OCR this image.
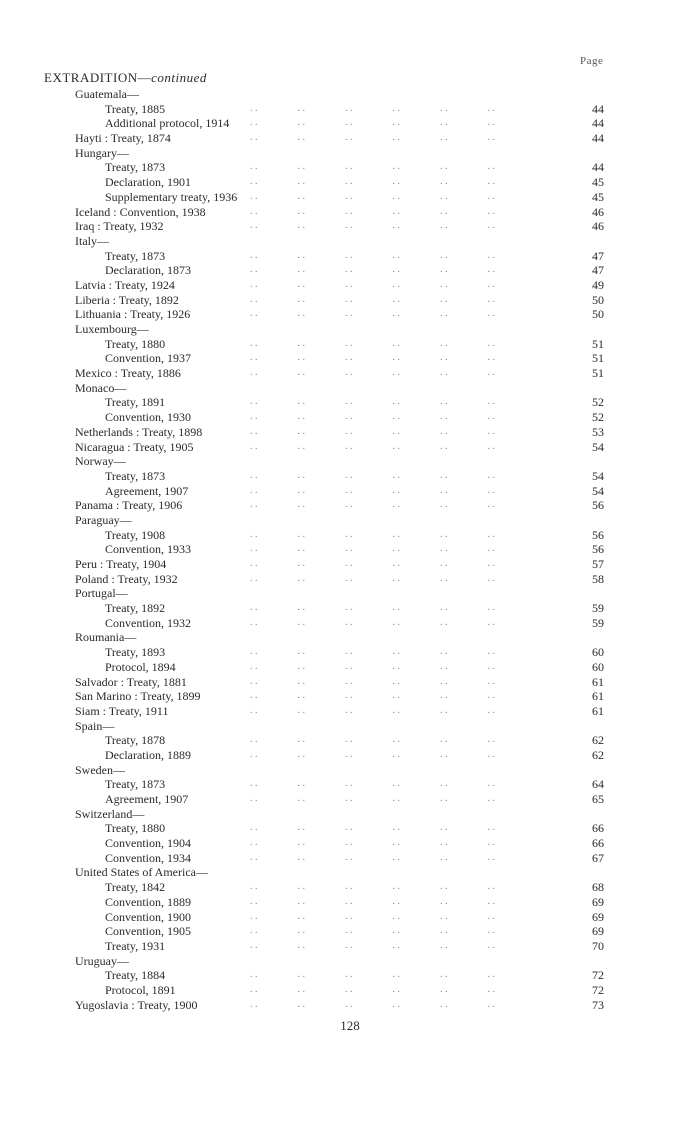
Page
EXTRADITION—continued
Guatemala—
Treaty, 1885	. .                . .                . .                . .                . .                . .	44
Additional protocol, 1914 . .                . .                . .                . .                . .                . .	44
Hayti : Treaty, 1874	. .                . .                . .                . .                . .                . .	44
Hungary—
Treaty, 1873	. .                . .                . .                . .                . .                . .	44
Declaration, 1901	. .                . .                . .                . .                . .                . .	45
Supplementary treaty, 1936 . .                . .                . .                . .                . .                . .	45
Iceland : Convention, 1938	. .                . .                . .                . .                . .                . .	46
Iraq : Treaty, 1932	. .                . .                . .                . .                . .                . .	46
Italy—
Treaty, 1873	. .                . .                . .                . .                . .                . .	47
Declaration, 1873	. .                . .                . .                . .                . .                . .	47
Latvia : Treaty, 1924	. .                . .                . .                . .                . .                . .	49
Liberia : Treaty, 1892	. .                . .                . .                . .                . .                . .	50
Lithuania : Treaty, 1926	. .                . .                . .                . .                . .                . .	50
Luxembourg—
Treaty, 1880	. .                . .                . .                . .                . .                . .	51
Convention, 1937	. .                . .                . .                . .                . .                . .	51
Mexico : Treaty, 1886	. .                . .                . .                . .                . .                . .	51
Monaco—
Treaty, 1891	. .                . .                . .                . .                . .                . .	52
Convention, 1930	. .                . .                . .                . .                . .                . .	52
Netherlands : Treaty, 1898	. .                . .                . .                . .                . .                . .	53
Nicaragua : Treaty, 1905	. .                . .                . .                . .                . .                . .	54
Norway—
Treaty, 1873	. .                . .                . .                . .                . .                . .	54
Agreement, 1907	. .                . .                . .                . .                . .                . .	54
Panama : Treaty, 1906	. .                . .                . .                . .                . .                . .	56
Paraguay—
Treaty, 1908	. .                . .                . .                . .                . .                . .	56
Convention, 1933	. .                . .                . .                . .                . .                . .	56
Peru : Treaty, 1904	. .                . .                . .                . .                . .                . .	57
Poland : Treaty, 1932	. .                . .                . .                . .                . .                . .	58
Portugal—
Treaty, 1892	. .                . .                . .                . .                . .                . .	59
Convention, 1932	. .                . .                . .                . .                . .                . .	59
Roumania—
Treaty, 1893	. .                . .                . .                . .                . .                . .	60
Protocol, 1894	. .                . .                . .                . .                . .                . .	60
Salvador : Treaty, 1881	. .                . .                . .                . .                . .                . .	61
San Marino : Treaty, 1899	. .                . .                . .                . .                . .                . .	61
Siam : Treaty, 1911	. .                . .                . .                . .                . .                . .	61
Spain—
Treaty, 1878	. .                . .                . .                . .                . .                . .	62
Declaration, 1889	. .                . .                . .                . .                . .                . .	62
Sweden—
Treaty, 1873	. .                . .                . .                . .                . .                . .	64
Agreement, 1907	. .                . .                . .                . .                . .                . .	65
Switzerland—
Treaty, 1880	. .                . .                . .                . .                . .                . .	66
Convention, 1904	. .                . .                . .                . .                . .                . .	66
Convention, 1934	. .                . .                . .                . .                . .                . .	67
United States of America—
Treaty, 1842	. .                . .                . .                . .                . .                . .	68
Convention, 1889	. .                . .                . .                . .                . .                . .	69
Convention, 1900	. .                . .                . .                . .                . .                . .	69
Convention, 1905	. .                . .                . .                . .                . .                . .	69
Treaty, 1931	. .                . .                . .                . .                . .                . .	70
Uruguay—
Treaty, 1884	. .                . .                . .                . .                . .                . .	72
Protocol, 1891	. .                . .                . .                . .                . .                . .	72
Yugoslavia : Treaty, 1900	. .                . .                . .                . .                . .                . .	73
128
